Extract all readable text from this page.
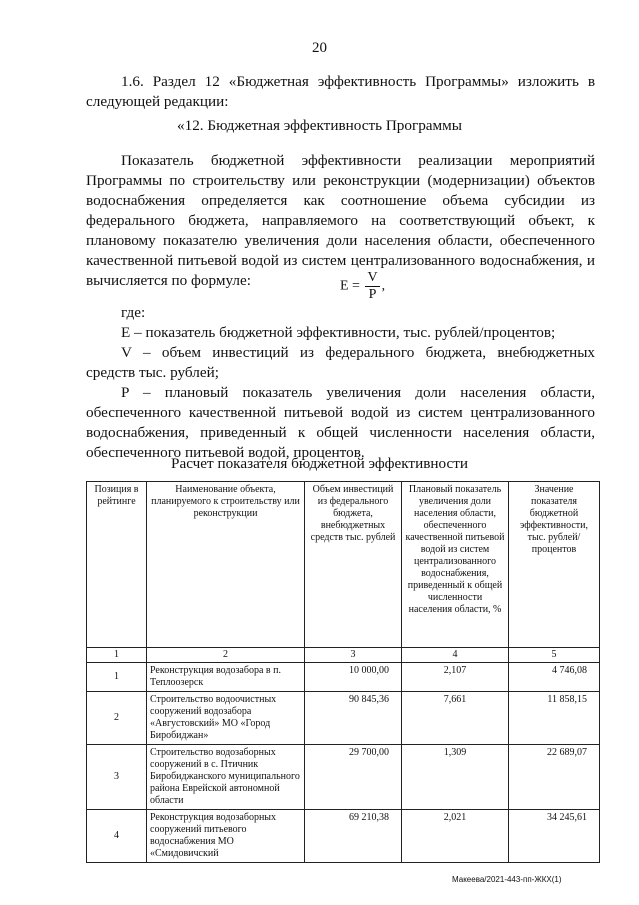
20
1.6. Раздел 12 «Бюджетная эффективность Программы» изложить в
следующей редакции:
«12. Бюджетная эффективность Программы
Показатель бюджетной эффективности реализации мероприятий
Программы по строительству или реконструкции (модернизации) объектов
водоснабжения определяется как соотношение объема субсидии из
федерального бюджета, направляемого на соответствующий объект, к
плановому показателю увеличения доли населения области, обеспеченного
качественной питьевой водой из систем централизованного водоснабжения, и
вычисляется по формуле:	$E = \frac{V}{P}$ ,
где:
E – показатель бюджетной эффективности, тыс. рублей/процентов;
V – объем инвестиций из федерального бюджета, внебюджетных
средств тыс. рублей;
P – плановый показатель увеличения доли населения области,
обеспеченного качественной питьевой водой из систем централизованного
водоснабжения, приведенный к общей численности населения области,
обеспеченного питьевой водой, процентов.
Расчет показателя бюджетной эффективности
Позиция в рейтинге	Наименование объекта, планируемого к строительству или реконструкции	Объем инвестиций из федерального бюджета, внебюджетных средств тыс. рублей	Плановый показатель увеличения доли населения области, обеспеченного качественной питьевой водой из систем централизованного водоснабжения, приведенный к общей численности населения области, %	Значение показателя бюджетной эффективности, тыс. рублей/ процентов
1	2	3	4	5
1	Реконструкция водозабора в п. Теплоозерск	10 000,00	2,107	4 746,08
2	Строительство водоочистных сооружений водозабора «Августовский» МО «Город Биробиджан»	90 845,36	7,661	11 858,15
3	Строительство водозаборных сооружений в с. Птичник Биробиджанского муниципального района Еврейской автономной области	29 700,00	1,309	22 689,07
4	Реконструкция водозаборных сооружений питьевого водоснабжения МО «Смидовичский	69 210,38	2,021	34 245,61
Макеева/2021-443-пп-ЖКХ(1)
